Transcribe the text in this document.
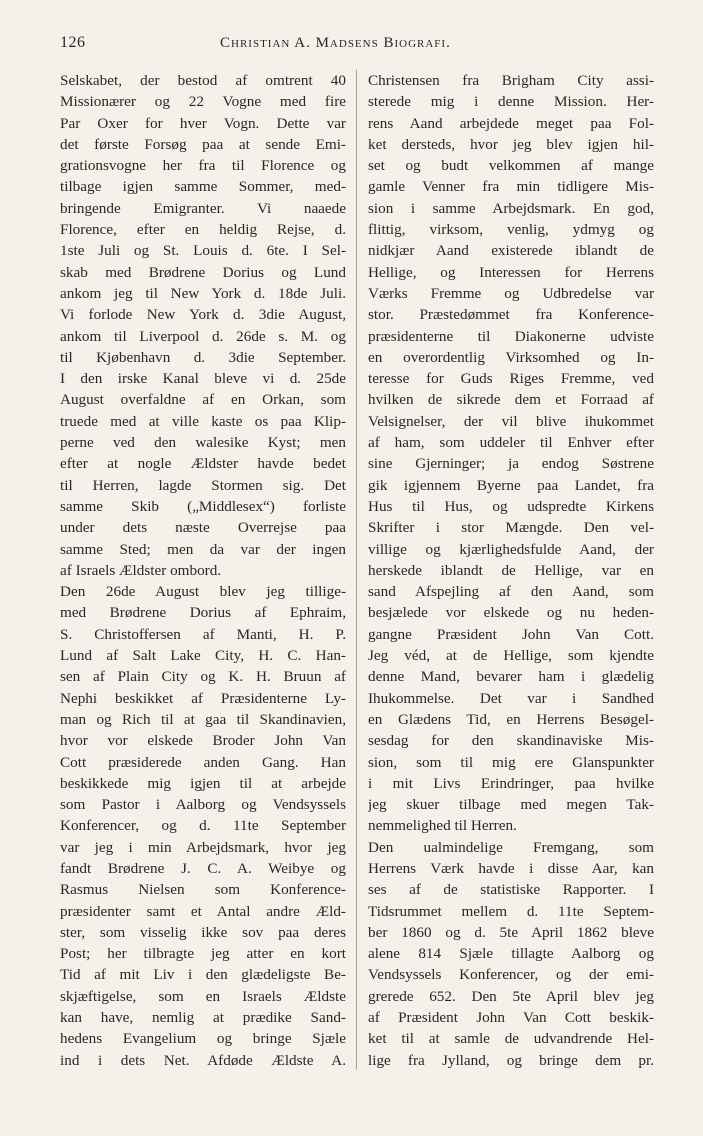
126	Christian A. Madsens Biografi.
Selskabet, der bestod af omtrent 40
Missionærer og 22 Vogne med fire
Par Oxer for hver Vogn. Dette var
det første Forsøg paa at sende Emi-
grationsvogne her fra til Florence og
tilbage igjen samme Sommer, med-
bringende Emigranter. Vi naaede
Florence, efter en heldig Rejse, d.
1ste Juli og St. Louis d. 6te. I Sel-
skab med Brødrene Dorius og Lund
ankom jeg til New York d. 18de Juli.
Vi forlode New York d. 3die August,
ankom til Liverpool d. 26de s. M. og
til Kjøbenhavn d. 3die September.
I den irske Kanal bleve vi d. 25de
August overfaldne af en Orkan, som
truede med at ville kaste os paa Klip-
perne ved den walesike Kyst; men
efter at nogle Ældster havde bedet
til Herren, lagde Stormen sig. Det
samme Skib („Middlesex“) forliste
under dets næste Overrejse paa
samme Sted; men da var der ingen
af Israels Ældster ombord.
Den 26de August blev jeg tillige-
med Brødrene Dorius af Ephraim,
S. Christoffersen af Manti, H. P.
Lund af Salt Lake City, H. C. Han-
sen af Plain City og K. H. Bruun af
Nephi beskikket af Præsidenterne Ly-
man og Rich til at gaa til Skandinavien,
hvor vor elskede Broder John Van
Cott præsiderede anden Gang. Han
beskikkede mig igjen til at arbejde
som Pastor i Aalborg og Vendsyssels
Konferencer, og d. 11te September
var jeg i min Arbejdsmark, hvor jeg
fandt Brødrene J. C. A. Weibye og
Rasmus Nielsen som Konference-
præsidenter samt et Antal andre Æld-
ster, som visselig ikke sov paa deres
Post; her tilbragte jeg atter en kort
Tid af mit Liv i den glædeligste Be-
skjæftigelse, som en Israels Ældste
kan have, nemlig at prædike Sand-
hedens Evangelium og bringe Sjæle
ind i dets Net. Afdøde Ældste A.
Christensen fra Brigham City assi-
sterede mig i denne Mission. Her-
rens Aand arbejdede meget paa Fol-
ket dersteds, hvor jeg blev igjen hil-
set og budt velkommen af mange
gamle Venner fra min tidligere Mis-
sion i samme Arbejdsmark. En god,
flittig, virksom, venlig, ydmyg og
nidkjær Aand existerede iblandt de
Hellige, og Interessen for Herrens
Værks Fremme og Udbredelse var
stor. Præstedømmet fra Konference-
præsidenterne til Diakonerne udviste
en overordentlig Virksomhed og In-
teresse for Guds Riges Fremme, ved
hvilken de sikrede dem et Forraad af
Velsignelser, der vil blive ihukommet
af ham, som uddeler til Enhver efter
sine Gjerninger; ja endog Søstrene
gik igjennem Byerne paa Landet, fra
Hus til Hus, og udspredte Kirkens
Skrifter i stor Mængde. Den vel-
villige og kjærlighedsfulde Aand, der
herskede iblandt de Hellige, var en
sand Afspejling af den Aand, som
besjælede vor elskede og nu heden-
gangne Præsident John Van Cott.
Jeg véd, at de Hellige, som kjendte
denne Mand, bevarer ham i glædelig
Ihukommelse. Det var i Sandhed
en Glædens Tid, en Herrens Besøgel-
sesdag for den skandinaviske Mis-
sion, som til mig ere Glanspunkter
i mit Livs Erindringer, paa hvilke
jeg skuer tilbage med megen Tak-
nemmelighed til Herren.
Den ualmindelige Fremgang, som
Herrens Værk havde i disse Aar, kan
ses af de statistiske Rapporter. I
Tidsrummet mellem d. 11te Septem-
ber 1860 og d. 5te April 1862 bleve
alene 814 Sjæle tillagte Aalborg og
Vendsyssels Konferencer, og der emi-
grerede 652. Den 5te April blev jeg
af Præsident John Van Cott beskik-
ket til at samle de udvandrende Hel-
lige fra Jylland, og bringe dem pr.
